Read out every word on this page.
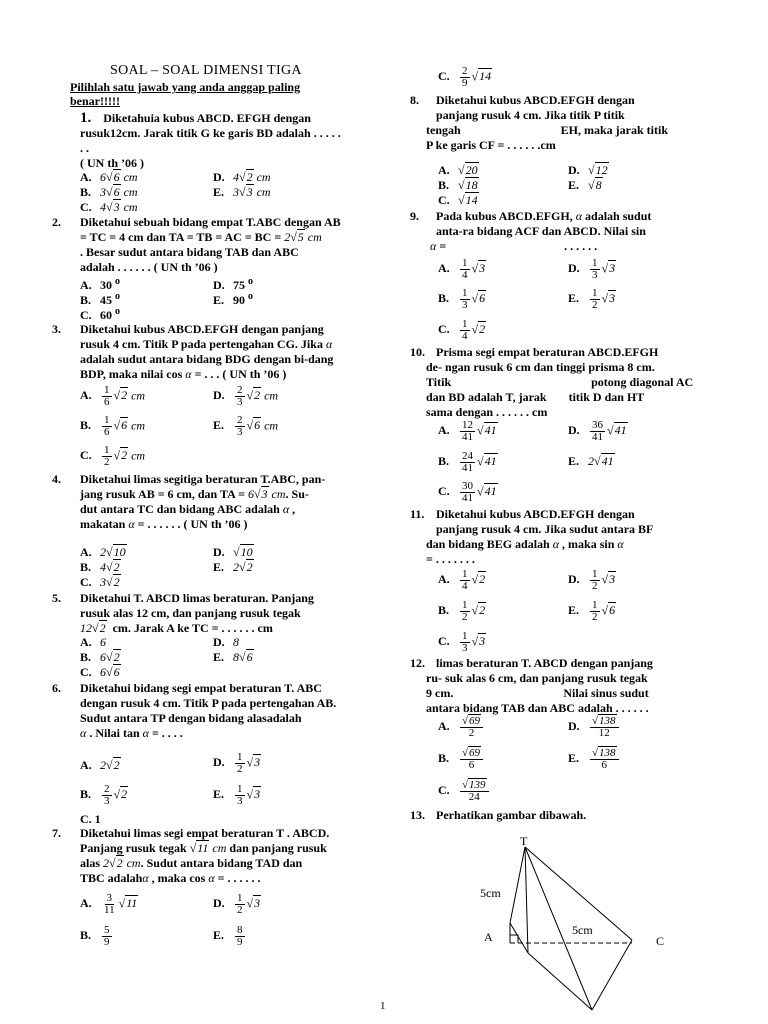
SOAL – SOAL DIMENSI TIGA
Pilihlah satu jawab yang anda anggap paling
benar!!!!!
1. Diketahuia kubus ABCD. EFGH dengan
rusuk12cm. Jarak titik G ke garis BD adalah . . . . .
. .
( UN th ’06 )
A. 6√6 cm	D. 4√2 cm
B. 3√6 cm	E. 3√3 cm
C. 4√3 cm
2. Diketahui sebuah bidang empat T.ABC dengan AB
= TC = 4 cm dan TA = TB = AC = BC = 2√5 cm
. Besar sudut antara bidang TAB dan ABC
adalah . . . . . . ( UN th ’06 )
A. 30 $^o$	D. 75 $^o$
B. 45 $^o$	E. 90 $^o$
C. 60 $^o$
3. Diketahui kubus ABCD.EFGH dengan panjang
rusuk 4 cm. Titik P pada pertengahan CG. Jika α
adalah sudut antara bidang BDG dengan bi-dang
BDP, maka nilai cos α = . . . ( UN th ’06 )
A. $\frac{1}{6} √2$ cm	D. $\frac{2}{3} √2$ cm
B. $\frac{1}{6} √6$ cm	E. $\frac{2}{3} √6$ cm
C. $\frac{1}{2} √2$ cm
4. Diketahui limas segitiga beraturan T.ABC, pan-
jang rusuk AB = 6 cm, dan TA = 6√3 cm. Su-
dut antara TC dan bidang ABC adalah α ,
makatan α = . . . . . . ( UN th ’06 )
A. 2√10	D. √10
B. 4√2	E. 2√2
C. 3√2
5. Diketahui T. ABCD limas beraturan. Panjang
rusuk alas 12 cm, dan panjang rusuk tegak
12√2 cm. Jarak A ke TC = . . . . . . cm
A. 6	D. 8
B. 6√2	E. 8√6
C. 6√6
6. Diketahui bidang segi empat beraturan T. ABC
dengan rusuk 4 cm. Titik P pada pertengahan AB.
Sudut antara TP dengan bidang alasadalah
α . Nilai tan α = . . . .
A. 2√2	D. $\frac{1}{2} √3$
B. $\frac{2}{3} √2$	E. $\frac{1}{3} √3$
C. 1
7. Diketahui limas segi empat beraturan T . ABCD.
Panjang rusuk tegak √11 cm dan panjang rusuk
alas 2√2 cm. Sudut antara bidang TAD dan
TBC adalahα , maka cos α = . . . . . .
A. $\frac{3}{11} √11$	D. $\frac{1}{2} √3$
B. $\frac{5}{9}$	E. $\frac{8}{9}$
C. $\frac{2}{9} √14$
8. Diketahui kubus ABCD.EFGH dengan
panjang rusuk 4 cm. Jika titik P titik
tengah	EH, maka jarak titik
P ke garis CF = . . . . . .cm
A. √20	D. √12
B. √18	E. √8
C. √14
9. Pada kubus ABCD.EFGH, α adalah sudut
anta-ra bidang ACF dan ABCD. Nilai sin
α =	. . . . . .
A. $\frac{1}{4} √3$	D. $\frac{1}{3} √3$
B. $\frac{1}{3} √6$	E. $\frac{1}{2} √3$
C. $\frac{1}{4} √2$
10. Prisma segi empat beraturan ABCD.EFGH
de- ngan rusuk 6 cm dan tinggi prisma 8 cm.
Titik	potong diagonal AC
dan BD adalah T, jarak titik D dan HT
sama dengan . . . . . . cm
A. $\frac{12}{41} √41$	D. $\frac{36}{41} √41$
B. $\frac{24}{41} √41$	E. 2√41
C. $\frac{30}{41} √41$
11. Diketahui kubus ABCD.EFGH dengan
panjang rusuk 4 cm. Jika sudut antara BF
dan bidang BEG adalah α , maka sin α
= . . . . . . .
A. $\frac{1}{4} √2$	D. $\frac{1}{2} √3$
B. $\frac{1}{2} √2$	E. $\frac{1}{2} √6$
C. $\frac{1}{3} √3$
12. limas beraturan T. ABCD dengan panjang
ru- suk alas 6 cm, dan panjang rusuk tegak
9 cm.	Nilai sinus sudut
antara bidang TAB dan ABC adalah . . . . . .
A. $\frac{√69}{2}$	D. $\frac{√138}{12}$
B. $\frac{√69}{6}$	E. $\frac{√138}{6}$
C. $\frac{√139}{24}$
13. Perhatikan gambar dibawah.
T
A	C
5cm
5cm
1
